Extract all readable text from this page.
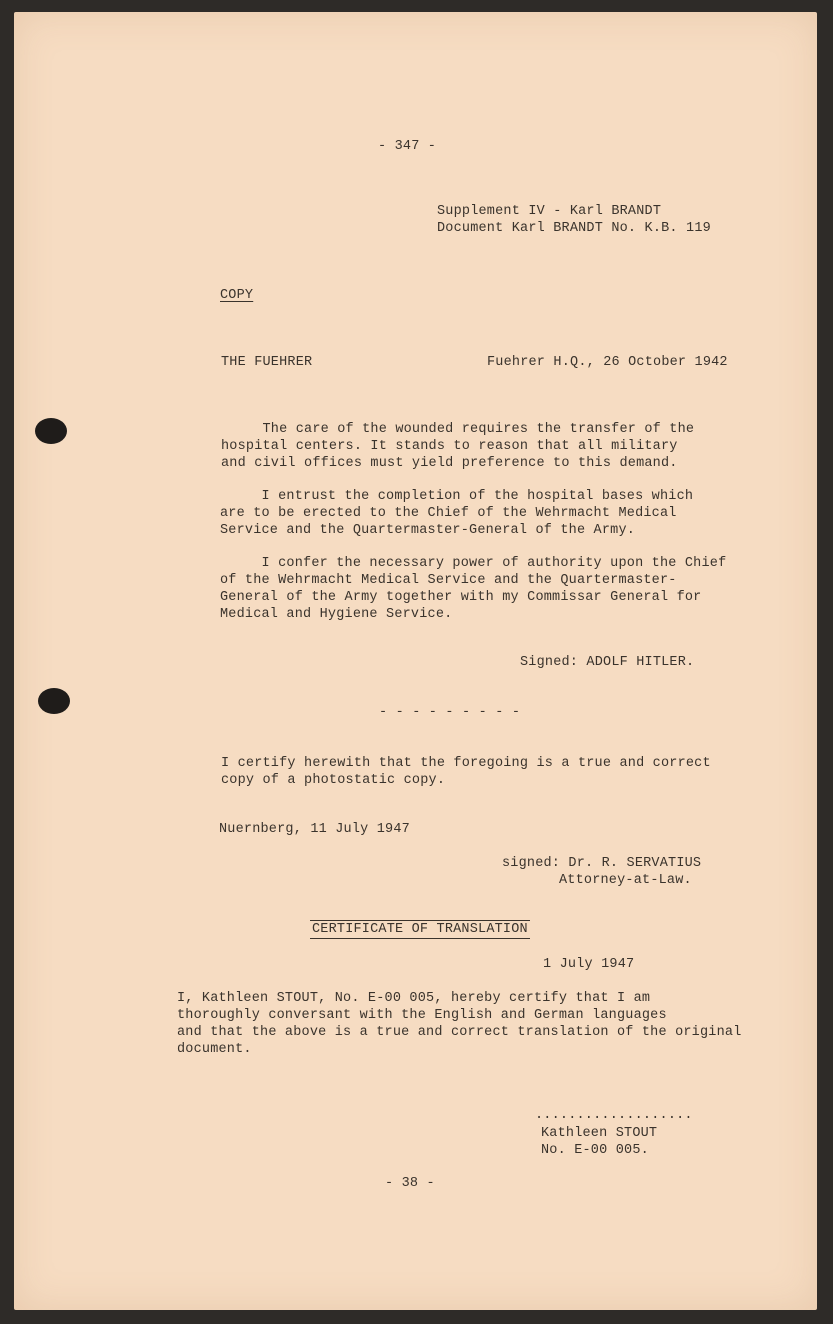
- 347 -
Supplement IV - Karl BRANDT
Document Karl BRANDT No. K.B. 119
COPY
THE FUEHRER	Fuehrer H.Q., 26 October 1942
The care of the wounded requires the transfer of the
hospital centers. It stands to reason that all military
and civil offices must yield preference to this demand.
I entrust the completion of the hospital bases which
are to be erected to the Chief of the Wehrmacht Medical
Service and the Quartermaster-General of the Army.
I confer the necessary power of authority upon the Chief
of the Wehrmacht Medical Service and the Quartermaster-
General of the Army together with my Commissar General for
Medical and Hygiene Service.
Signed: ADOLF HITLER.
- - - - - - - - -
I certify herewith that the foregoing is a true and correct
copy of a photostatic copy.
Nuernberg, 11 July 1947
signed: Dr. R. SERVATIUS
Attorney-at-Law.
CERTIFICATE OF TRANSLATION
1 July 1947
I, Kathleen STOUT, No. E-00 005, hereby certify that I am
thoroughly conversant with the English and German languages
and that the above is a true and correct translation of the original
document.
...................
Kathleen STOUT
No. E-00 005.
- 38 -
